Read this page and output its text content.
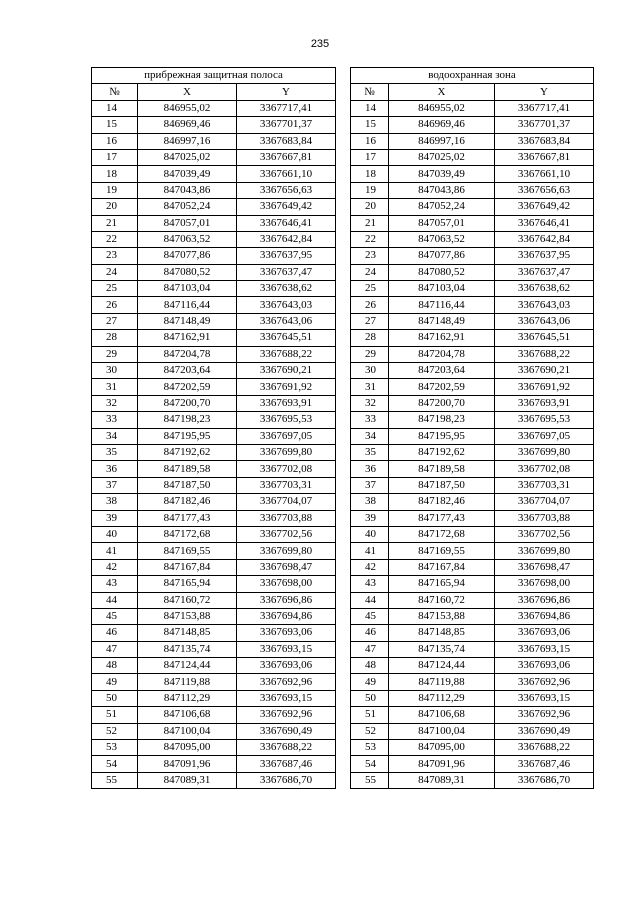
235
прибрежная защитная полоса				водоохранная зона		
№	X	Y		№	X	Y
14	846955,02	3367717,41		14	846955,02	3367717,41
15	846969,46	3367701,37		15	846969,46	3367701,37
16	846997,16	3367683,84		16	846997,16	3367683,84
17	847025,02	3367667,81		17	847025,02	3367667,81
18	847039,49	3367661,10		18	847039,49	3367661,10
19	847043,86	3367656,63		19	847043,86	3367656,63
20	847052,24	3367649,42		20	847052,24	3367649,42
21	847057,01	3367646,41		21	847057,01	3367646,41
22	847063,52	3367642,84		22	847063,52	3367642,84
23	847077,86	3367637,95		23	847077,86	3367637,95
24	847080,52	3367637,47		24	847080,52	3367637,47
25	847103,04	3367638,62		25	847103,04	3367638,62
26	847116,44	3367643,03		26	847116,44	3367643,03
27	847148,49	3367643,06		27	847148,49	3367643,06
28	847162,91	3367645,51		28	847162,91	3367645,51
29	847204,78	3367688,22		29	847204,78	3367688,22
30	847203,64	3367690,21		30	847203,64	3367690,21
31	847202,59	3367691,92		31	847202,59	3367691,92
32	847200,70	3367693,91		32	847200,70	3367693,91
33	847198,23	3367695,53		33	847198,23	3367695,53
34	847195,95	3367697,05		34	847195,95	3367697,05
35	847192,62	3367699,80		35	847192,62	3367699,80
36	847189,58	3367702,08		36	847189,58	3367702,08
37	847187,50	3367703,31		37	847187,50	3367703,31
38	847182,46	3367704,07		38	847182,46	3367704,07
39	847177,43	3367703,88		39	847177,43	3367703,88
40	847172,68	3367702,56		40	847172,68	3367702,56
41	847169,55	3367699,80		41	847169,55	3367699,80
42	847167,84	3367698,47		42	847167,84	3367698,47
43	847165,94	3367698,00		43	847165,94	3367698,00
44	847160,72	3367696,86		44	847160,72	3367696,86
45	847153,88	3367694,86		45	847153,88	3367694,86
46	847148,85	3367693,06		46	847148,85	3367693,06
47	847135,74	3367693,15		47	847135,74	3367693,15
48	847124,44	3367693,06		48	847124,44	3367693,06
49	847119,88	3367692,96		49	847119,88	3367692,96
50	847112,29	3367693,15		50	847112,29	3367693,15
51	847106,68	3367692,96		51	847106,68	3367692,96
52	847100,04	3367690,49		52	847100,04	3367690,49
53	847095,00	3367688,22		53	847095,00	3367688,22
54	847091,96	3367687,46		54	847091,96	3367687,46
55	847089,31	3367686,70		55	847089,31	3367686,70
